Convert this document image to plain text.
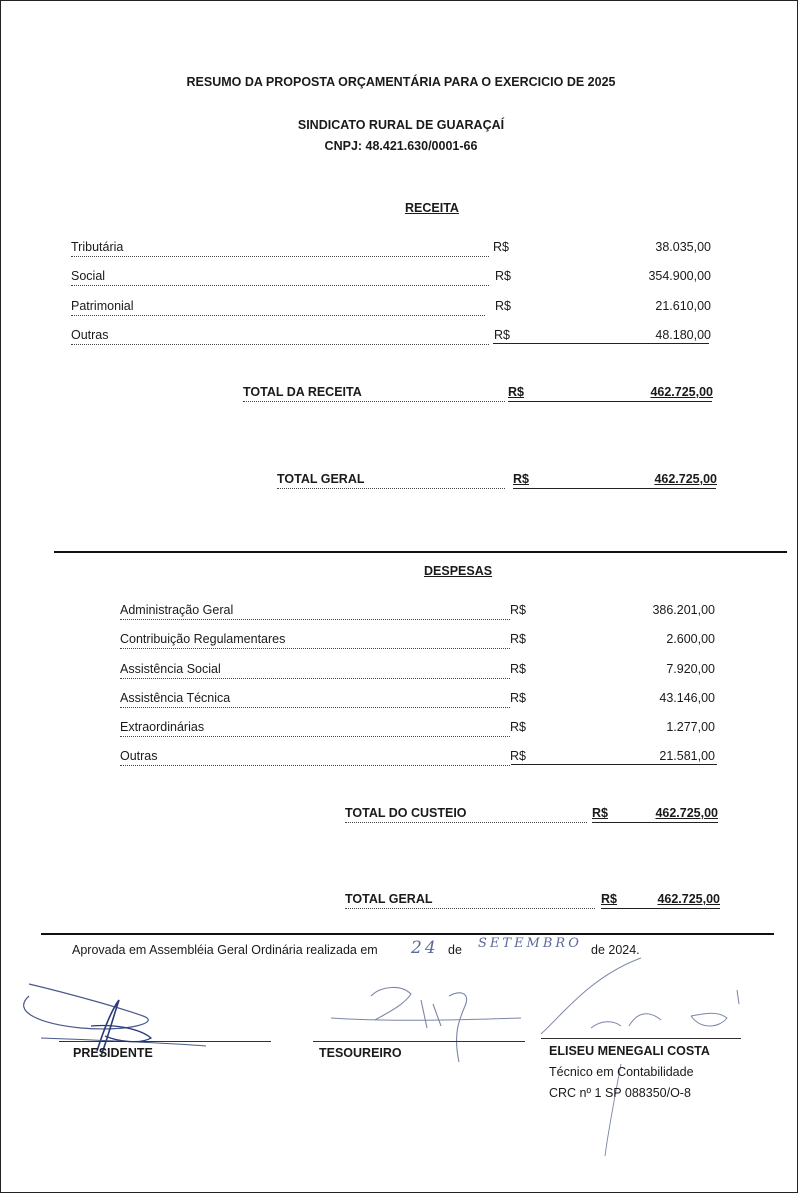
RESUMO DA PROPOSTA ORÇAMENTÁRIA PARA O EXERCICIO DE 2025
SINDICATO RURAL DE GUARAÇAÍ
CNPJ: 48.421.630/0001-66
RECEITA
Tributária	R$	38.035,00
Social	R$	354.900,00
Patrimonial	R$	21.610,00
Outras	R$	48.180,00
TOTAL DA RECEITA	R$	462.725,00
TOTAL GERAL	R$	462.725,00
DESPESAS
Administração Geral	R$	386.201,00
Contribuição Regulamentares	R$	2.600,00
Assistência Social	R$	7.920,00
Assistência Técnica	R$	43.146,00
Extraordinárias	R$	1.277,00
Outras	R$	21.581,00
TOTAL DO CUSTEIO	R$	462.725,00
TOTAL GERAL	R$	462.725,00
Aprovada em Assembléia Geral Ordinária realizada em 24 de SETEMBRO de 2024.
PRESIDENTE	TESOUREIRO	ELISEU MENEGALI COSTA
Técnico em Contabilidade
CRC nº 1 SP 088350/O-8
